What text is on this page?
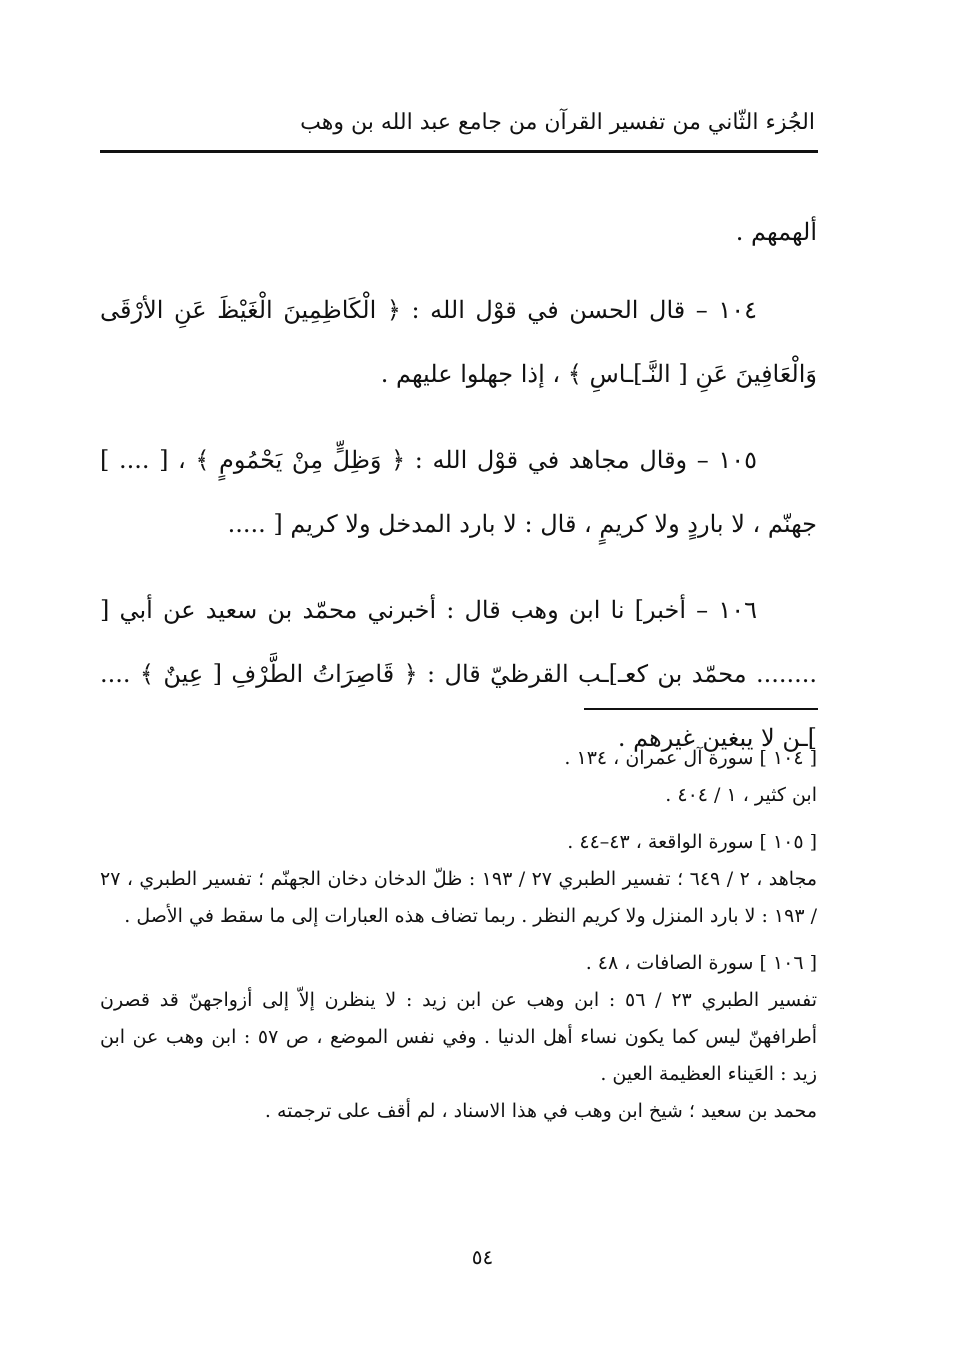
الجُزء الثّاني من تفسير القرآن من جامع عبد الله بن وهب

ألهمهم .

١٠٤ – قال الحسن في قوْل الله : ﴿ الْكَاظِمِينَ الْغَيْظَ عَنِ الأرْقَى وَالْعَافِينَ عَنِ [ النَّـ]ـاسِ ﴾ ، إذا جهلوا عليهم .

١٠٥ – وقال مجاهد في قوْل الله : ﴿ وَظِلٍّ مِنْ يَحْمُومٍ ﴾ ، [ .... ] جهنّم ، لا باردٍ ولا كريمٍ ، قال : لا بارد المدخل ولا كريم [ .....

١٠٦ – أخبر] نا ابن وهب قال : أخبرني محمّد بن سعيد عن أبي [ ........ محمّد بن كعـ]ـب القرظيّ قال : ﴿ قَاصِرَاتُ الطَّرْفِ [ عِينٌ ﴾ .... ]ـن لا يبغين غيرهم .

[ ١٠٤ ] سورة آل عمران ، ١٣٤ .

ابن كثير ، ١ / ٤٠٤ .

[ ١٠٥ ] سورة الواقعة ، ٤٣–٤٤ .

مجاهد ، ٢ / ٦٤٩ ؛ تفسير الطبري ٢٧ / ١٩٣ : ظلّ الدخان دخان الجهنّم ؛ تفسير الطبري ، ٢٧ / ١٩٣ : لا بارد المنزل ولا كريم النظر . ربما تضاف هذه العبارات إلى ما سقط في الأصل .

[ ١٠٦ ] سورة الصافات ، ٤٨ .

تفسير الطبري ٢٣ / ٥٦ : ابن وهب عن ابن زيد : لا ينظرن إلاّ إلى أزواجهنّ قد قصرن أطرافهنّ ليس كما يكون نساء أهل الدنيا . وفي نفس الموضع ، ص ٥٧ : ابن وهب عن ابن زيد : العَيناء العظيمة العين .

محمد بن سعيد ؛ شيخ ابن وهب في هذا الاسناد ، لم أقف على ترجمته .

٥٤
